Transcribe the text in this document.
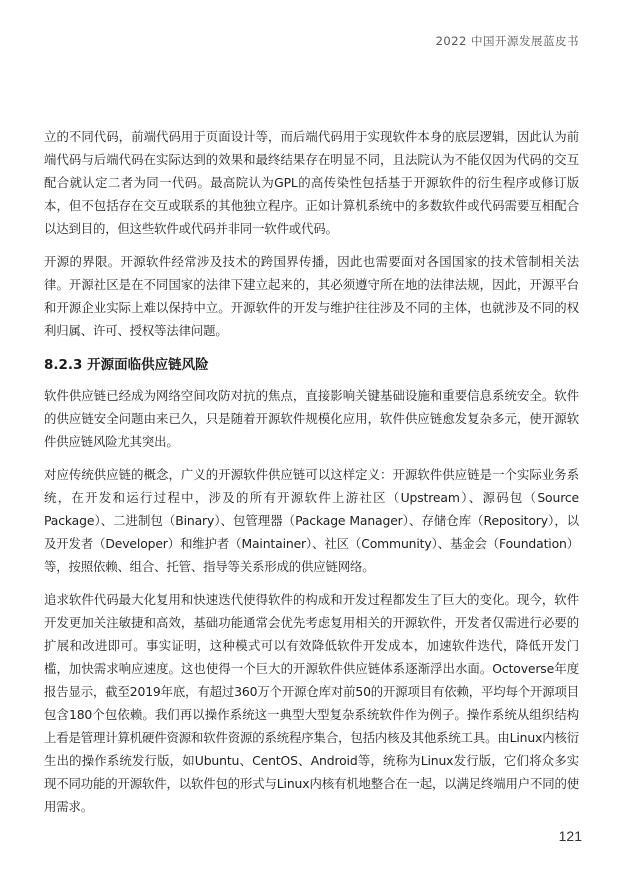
2022 中国开源发展蓝皮书

立的不同代码，前端代码用于页面设计等，而后端代码用于实现软件本身的底层逻辑，因此认为前端代码与后端代码在实际达到的效果和最终结果存在明显不同，且法院认为不能仅因为代码的交互配合就认定二者为同一代码。最高院认为GPL的高传染性包括基于开源软件的衍生程序或修订版本，但不包括存在交互或联系的其他独立程序。正如计算机系统中的多数软件或代码需要互相配合以达到目的，但这些软件或代码并非同一软件或代码。

开源的界限。开源软件经常涉及技术的跨国界传播，因此也需要面对各国国家的技术管制相关法律。开源社区是在不同国家的法律下建立起来的，其必须遵守所在地的法律法规，因此，开源平台和开源企业实际上难以保持中立。开源软件的开发与维护往往涉及不同的主体，也就涉及不同的权利归属、许可、授权等法律问题。

8.2.3 开源面临供应链风险

软件供应链已经成为网络空间攻防对抗的焦点，直接影响关键基础设施和重要信息系统安全。软件的供应链安全问题由来已久，只是随着开源软件规模化应用，软件供应链愈发复杂多元，使开源软件供应链风险尤其突出。

对应传统供应链的概念，广义的开源软件供应链可以这样定义：开源软件供应链是一个实际业务系统，在开发和运行过程中，涉及的所有开源软件上游社区（Upstream）、源码包（Source Package）、二进制包（Binary）、包管理器（Package Manager）、存储仓库（Repository），以及开发者（Developer）和维护者（Maintainer）、社区（Community）、基金会（Foundation）等，按照依赖、组合、托管、指导等关系形成的供应链网络。

追求软件代码最大化复用和快速迭代使得软件的构成和开发过程都发生了巨大的变化。现今，软件开发更加关注敏捷和高效，基础功能通常会优先考虑复用相关的开源软件，开发者仅需进行必要的扩展和改进即可。事实证明，这种模式可以有效降低软件开发成本，加速软件迭代，降低开发门槛，加快需求响应速度。这也使得一个巨大的开源软件供应链体系逐渐浮出水面。Octoverse年度报告显示，截至2019年底，有超过360万个开源仓库对前50的开源项目有依赖，平均每个开源项目包含180个包依赖。我们再以操作系统这一典型大型复杂系统软件作为例子。操作系统从组织结构上看是管理计算机硬件资源和软件资源的系统程序集合，包括内核及其他系统工具。由Linux内核衍生出的操作系统发行版，如Ubuntu、CentOS、Android等，统称为Linux发行版，它们将众多实现不同功能的开源软件，以软件包的形式与Linux内核有机地整合在一起，以满足终端用户不同的使用需求。

121
